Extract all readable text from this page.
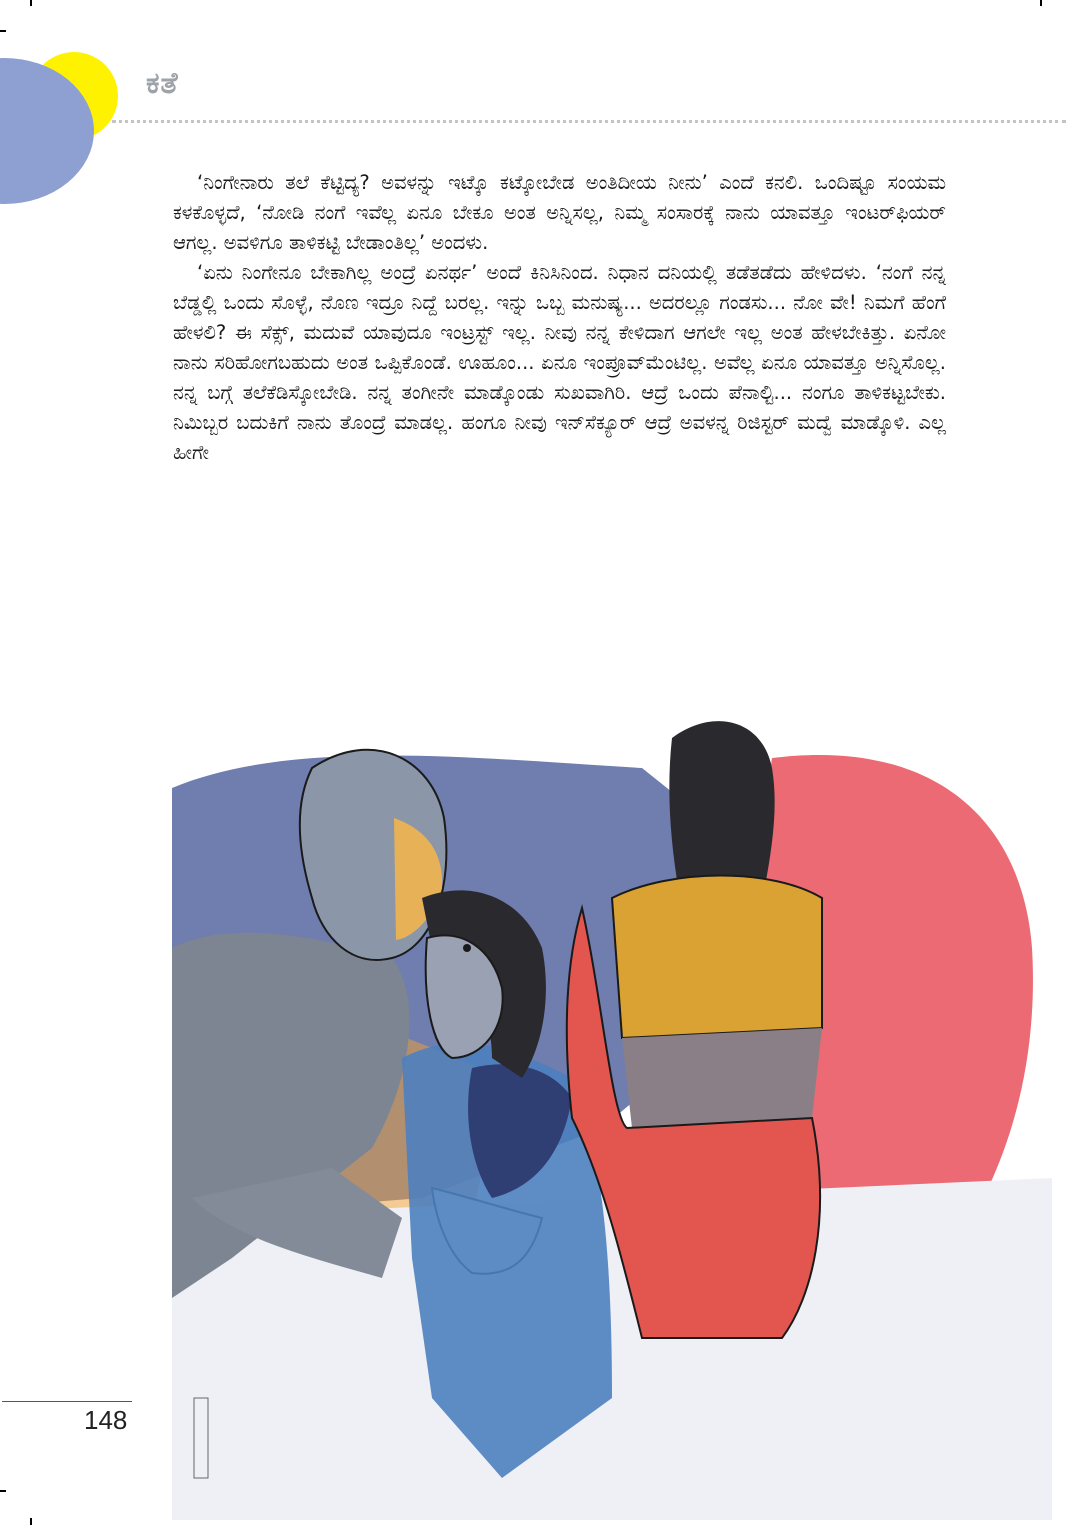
ಕತೆ

‘ನಿಂಗೇನಾರು ತಲೆ ಕೆಟ್ಟಿದ್ಯ? ಅವಳನ್ನು ಇಟ್ಕೊ ಕಟ್ಕೋಬೇಡ ಅಂತಿದೀಯ ನೀನು’ ಎಂದೆ ಕನಲಿ. ಒಂದಿಷ್ಟೂ ಸಂಯಮ ಕಳಕೊಳ್ಳದೆ, ‘ನೋಡಿ ನಂಗೆ ಇವೆಲ್ಲ ಏನೂ ಬೇಕೂ ಅಂತ ಅನ್ನಿಸಲ್ಲ, ನಿಮ್ಮ ಸಂಸಾರಕ್ಕೆ ನಾನು ಯಾವತ್ತೂ ಇಂಟರ್‌ಫಿಯರ್ ಆಗಲ್ಲ. ಅವಳಿಗೂ ತಾಳಿಕಟ್ಟಿ ಬೇಡಾಂತಿಲ್ಲ’ ಅಂದಳು.

‘ಏನು ನಿಂಗೇನೂ ಬೇಕಾಗಿಲ್ಲ ಅಂದ್ರೆ ಏನರ್ಥ’ ಅಂದೆ ಕಿನಿಸಿನಿಂದ. ನಿಧಾನ ದನಿಯಲ್ಲಿ ತಡೆತಡೆದು ಹೇಳಿದಳು. ‘ನಂಗೆ ನನ್ನ ಬೆಡ್ಡಲ್ಲಿ ಒಂದು ಸೊಳ್ಳೆ, ನೊಣ ಇದ್ರೂ ನಿದ್ದೆ ಬರಲ್ಲ. ಇನ್ನು ಒಬ್ಬ ಮನುಷ್ಯ... ಅದರಲ್ಲೂ ಗಂಡಸು... ನೋ ವೇ! ನಿಮಗೆ ಹೆಂಗೆ ಹೇಳಲಿ? ಈ ಸೆಕ್ಸ್, ಮದುವೆ ಯಾವುದೂ ಇಂಟ್ರಸ್ಟ್ ಇಲ್ಲ. ನೀವು ನನ್ನ ಕೇಳಿದಾಗ ಆಗಲೇ ಇಲ್ಲ ಅಂತ ಹೇಳಬೇಕಿತ್ತು. ಏನೋ ನಾನು ಸರಿಹೋಗಬಹುದು ಅಂತ ಒಪ್ಪಿಕೊಂಡೆ. ಊಹೂಂ... ಏನೂ ಇಂಪ್ರೂವ್‌ಮೆಂಟಿಲ್ಲ. ಅವೆಲ್ಲ ಏನೂ ಯಾವತ್ತೂ ಅನ್ನಿಸೊಲ್ಲ. ನನ್ನ ಬಗ್ಗೆ ತಲೆಕೆಡಿಸ್ಕೋಬೇಡಿ. ನನ್ನ ತಂಗೀನೇ ಮಾಡ್ಕೊಂಡು ಸುಖವಾಗಿರಿ. ಆದ್ರೆ ಒಂದು ಪೆನಾಲ್ಟಿ... ನಂಗೂ ತಾಳಿಕಟ್ಟಬೇಕು. ನಿಮಿಬ್ಬರ ಬದುಕಿಗೆ ನಾನು ತೊಂದ್ರೆ ಮಾಡಲ್ಲ. ಹಂಗೂ ನೀವು ಇನ್‌ಸೆಕ್ಯೂರ್ ಆದ್ರೆ ಅವಳನ್ನ ರಿಜಿಸ್ಟರ್ ಮದ್ವೆ ಮಾಡ್ಕೊಳಿ. ಎಲ್ಲ ಹೀಗೇ

148
